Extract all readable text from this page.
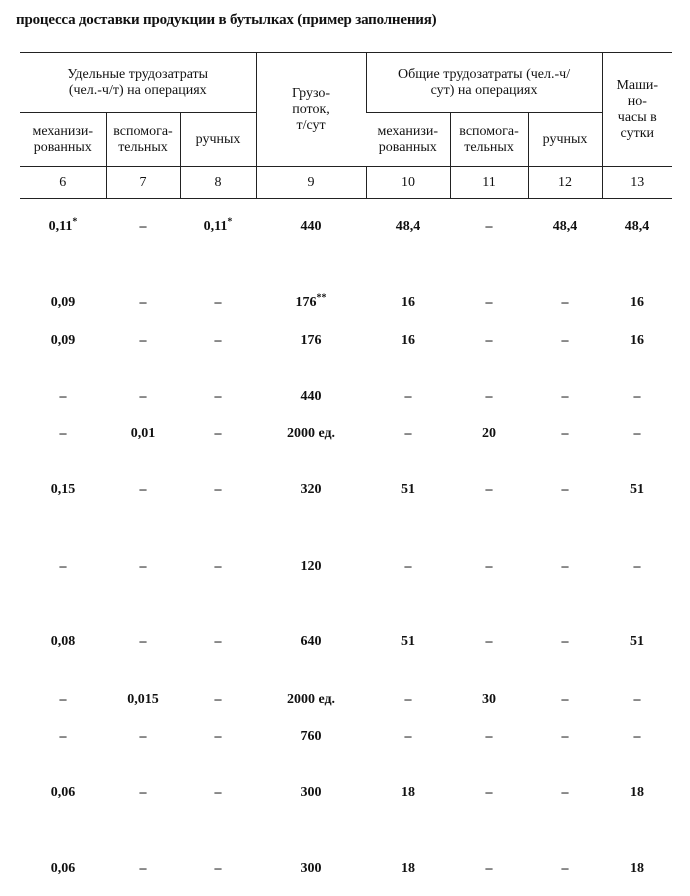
процесса доставки продукции в бутылках (пример заполнения)
Удельные трудозатраты (чел.-ч/т) на операциях			Грузо-поток, т/сут	Общие трудозатраты (чел.-ч/сут) на операциях			Маши-но-часы в сутки
механизи-рованных	вспомога-тельных	ручных		механизи-рованных	вспомога-тельных	ручных	
6	7	8	9	10	11	12	13
0,11*	–	0,11*	440	48,4	–	48,4	48,4
0,09	–	–	176**	16	–	–	16
0,09	–	–	176	16	–	–	16
–	–	–	440	–	–	–	–
–	0,01	–	2000 ед.	–	20	–	–
0,15	–	–	320	51	–	–	51
–	–	–	120	–	–	–	–
0,08	–	–	640	51	–	–	51
–	0,015	–	2000 ед.	–	30	–	–
–	–	–	760	–	–	–	–
0,06	–	–	300	18	–	–	18
0,06	–	–	300	18	–	–	18
